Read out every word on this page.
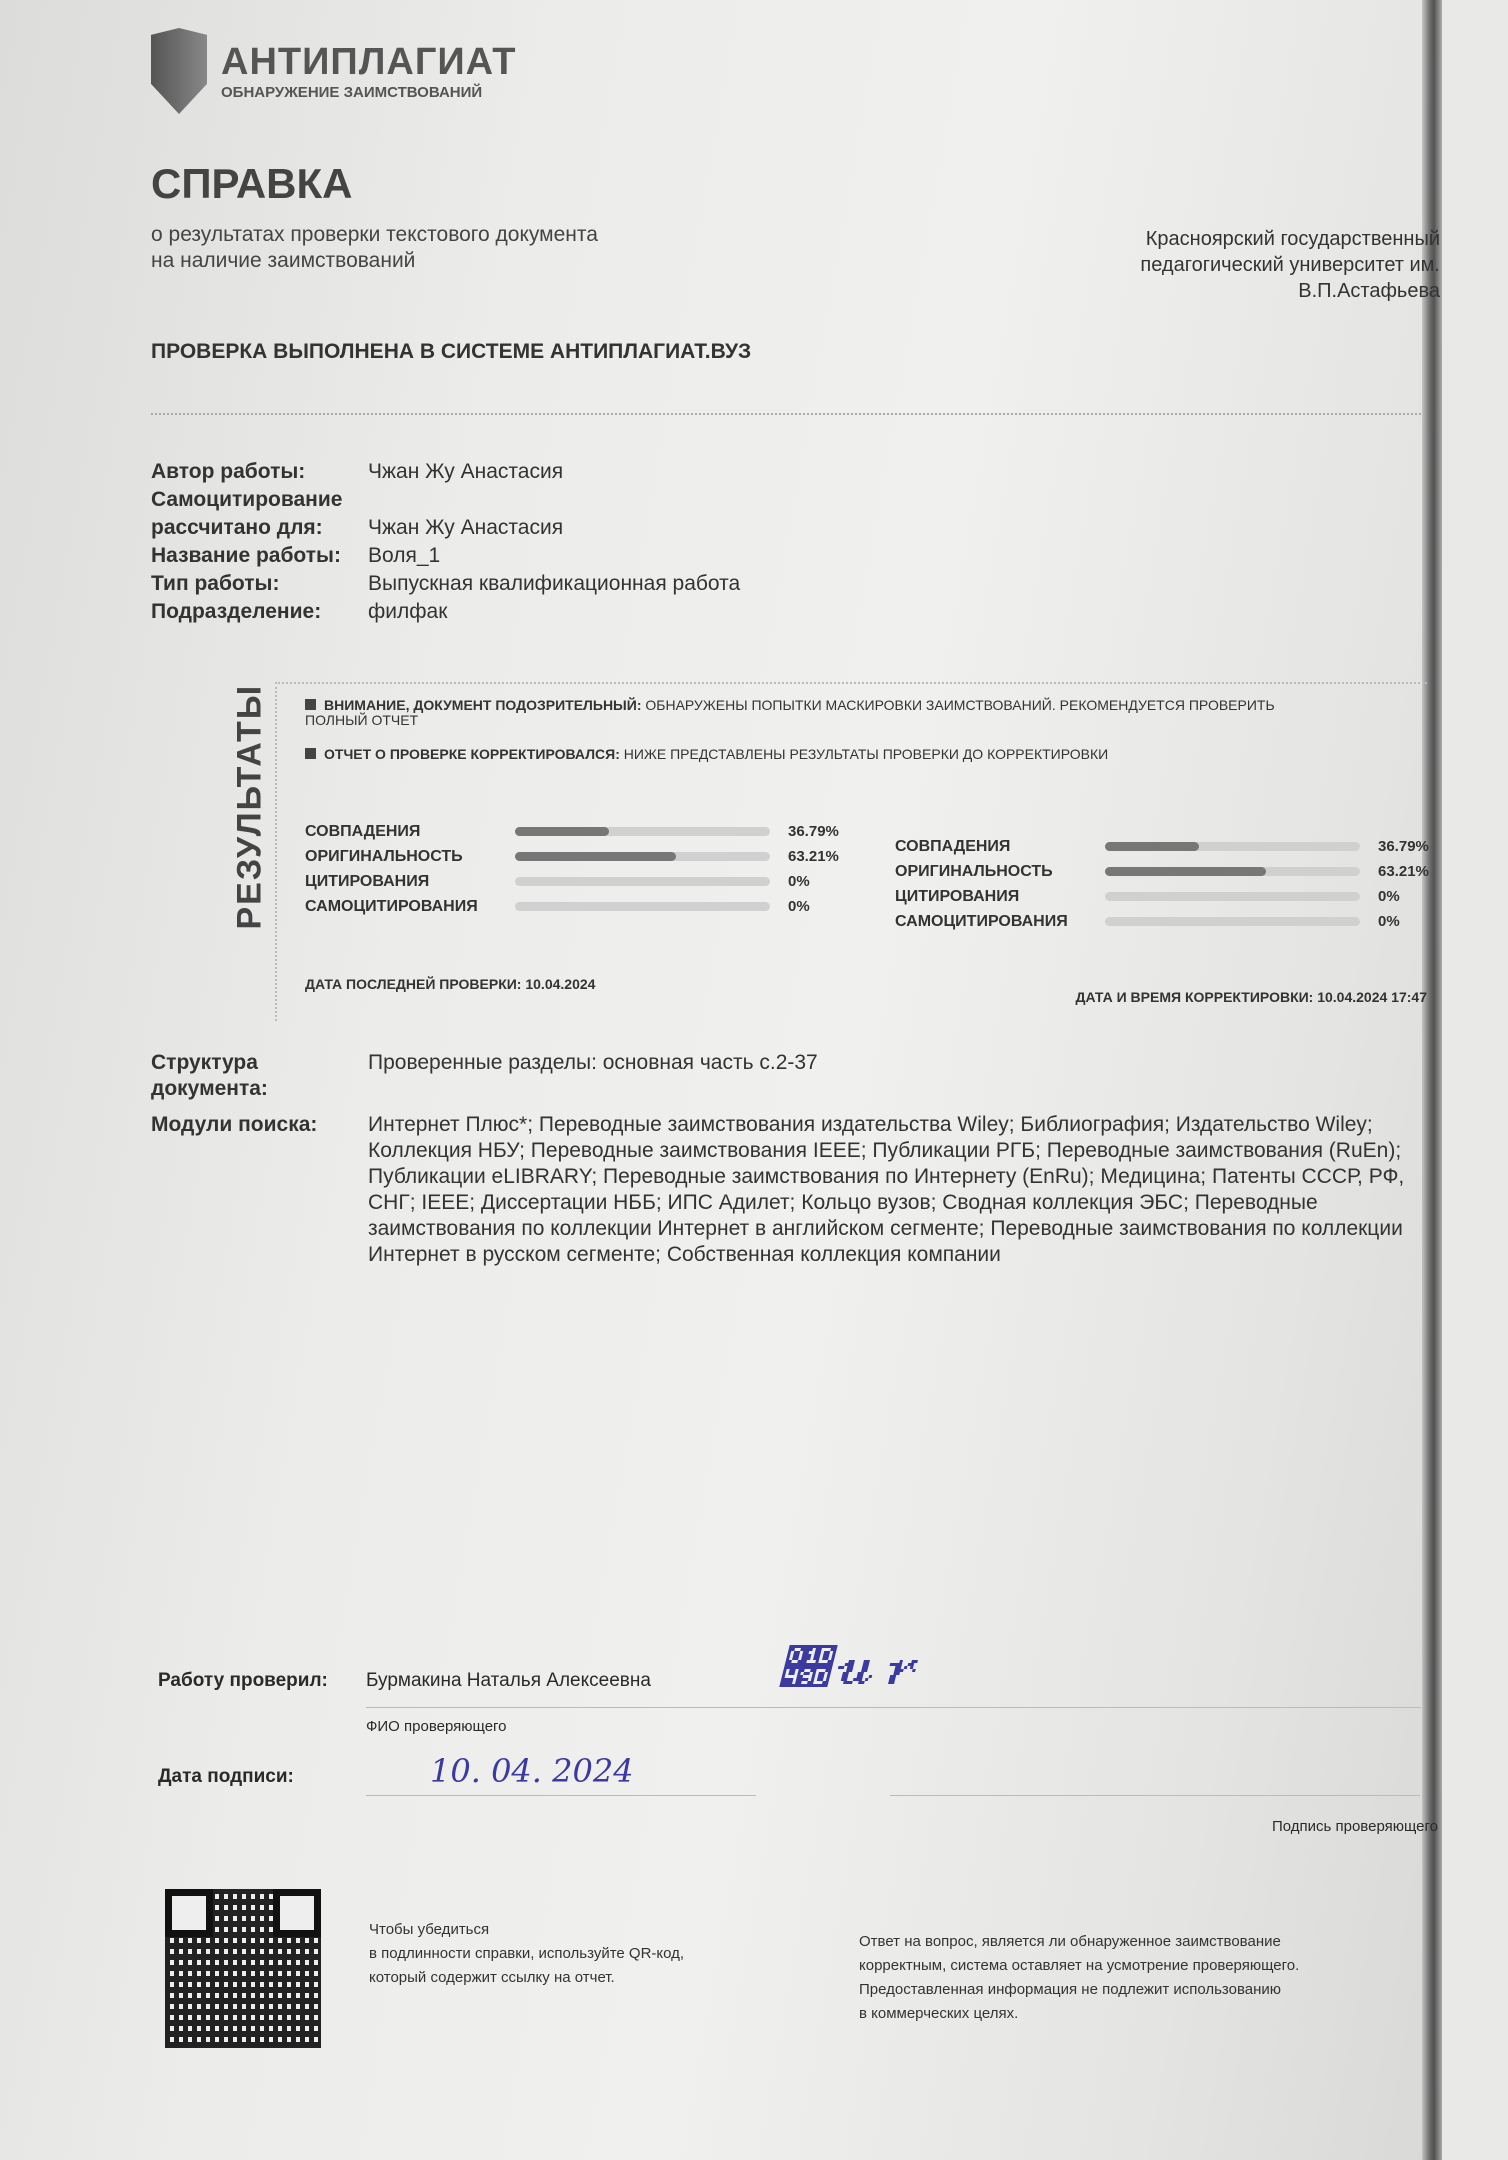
АНТИПЛАГИАТ
ОБНАРУЖЕНИЕ ЗАИМСТВОВАНИЙ
СПРАВКА
о результатах проверки текстового документа
на наличие заимствований
Красноярский государственный
педагогический университет им.
В.П.Астафьева
ПРОВЕРКА ВЫПОЛНЕНА В СИСТЕМЕ АНТИПЛАГИАТ.ВУЗ
Автор работы:	Чжан Жу Анастасия
Самоцитирование
рассчитано для:	Чжан Жу Анастасия
Название работы:	Воля_1
Тип работы:	Выпускная квалификационная работа
Подразделение:	филфак
РЕЗУЛЬТАТЫ	ВНИМАНИЕ, ДОКУМЕНТ ПОДОЗРИТЕЛЬНЫЙ: ОБНАРУЖЕНЫ ПОПЫТКИ МАСКИРОВКИ ЗАИМСТВОВАНИЙ. РЕКОМЕНДУЕТСЯ ПРОВЕРИТЬ ПОЛНЫЙ ОТЧЕТ
ОТЧЕТ О ПРОВЕРКЕ КОРРЕКТИРОВАЛСЯ: НИЖЕ ПРЕДСТАВЛЕНЫ РЕЗУЛЬТАТЫ ПРОВЕРКИ ДО КОРРЕКТИРОВКИ
СОВПАДЕНИЯ	36.79%
ОРИГИНАЛЬНОСТЬ	63.21%
ЦИТИРОВАНИЯ	0%
САМОЦИТИРОВАНИЯ	0%
СОВПАДЕНИЯ	36.79%
ОРИГИНАЛЬНОСТЬ	63.21%
ЦИТИРОВАНИЯ	0%
САМОЦИТИРОВАНИЯ	0%
ДАТА ПОСЛЕДНЕЙ ПРОВЕРКИ: 10.04.2024
ДАТА И ВРЕМЯ КОРРЕКТИРОВКИ: 10.04.2024 17:47
Структура документа:
Проверенные разделы: основная часть с.2-37
Модули поиска:	Интернет Плюс*; Переводные заимствования издательства Wiley; Библиография; Издательство Wiley; Коллекция НБУ; Переводные заимствования IEEE; Публикации РГБ; Переводные заимствования (RuEn); Публикации eLIBRARY; Переводные заимствования по Интернету (EnRu); Медицина; Патенты СССР, РФ, СНГ; IEEE; Диссертации НББ; ИПС Адилет; Кольцо вузов; Сводная коллекция ЭБС; Переводные заимствования по коллекции Интернет в английском сегменте; Переводные заимствования по коллекции Интернет в русском сегменте; Собственная коллекция компании
Работу проверил: Бурмакина Наталья Алексеевна	𝒝𝓊𝓇
ФИО проверяющего
Дата подписи:	10. 04. 2024
Подпись проверяющего
Чтобы убедиться
в подлинности справки, используйте QR-код,
который содержит ссылку на отчет.
Ответ на вопрос, является ли обнаруженное заимствование
корректным, система оставляет на усмотрение проверяющего.
Предоставленная информация не подлежит использованию
в коммерческих целях.
